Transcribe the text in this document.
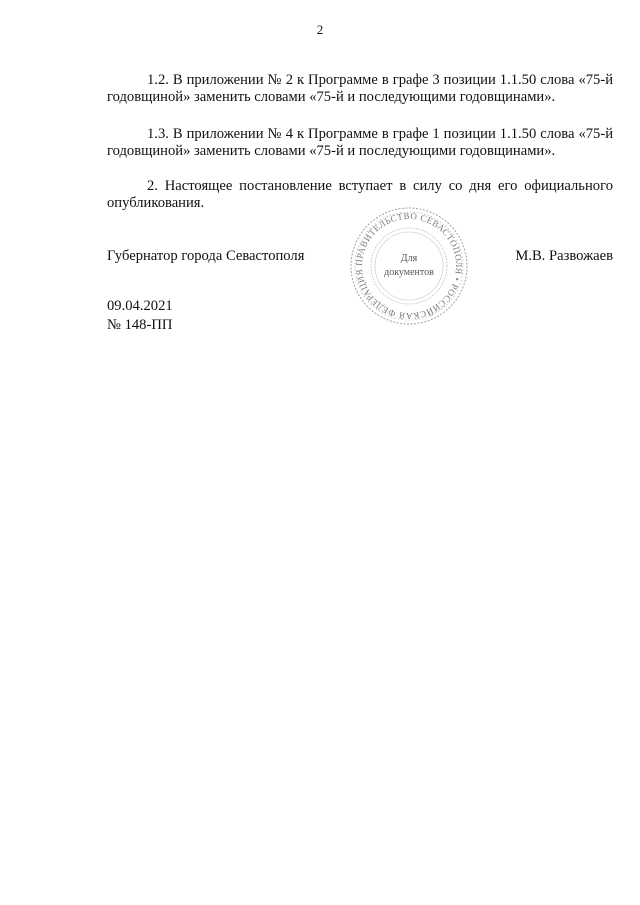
2

1.2. В приложении № 2 к Программе в графе 3 позиции 1.1.50 слова «75-й годовщиной» заменить словами «75-й и последующими годовщинами».

1.3. В приложении № 4 к Программе в графе 1 позиции 1.1.50 слова «75-й годовщиной» заменить словами «75-й и последующими годовщинами».

2. Настоящее постановление вступает в силу со дня его официального опубликования.

Губернатор города Севастополя	ПРАВИТЕЛЬСТВО СЕВАСТОПОЛЯ • РОССИЙСКАЯ ФЕДЕРАЦИЯ
Для
документов
М.В. Развожаев
09.04.2021
№ 148-ПП
